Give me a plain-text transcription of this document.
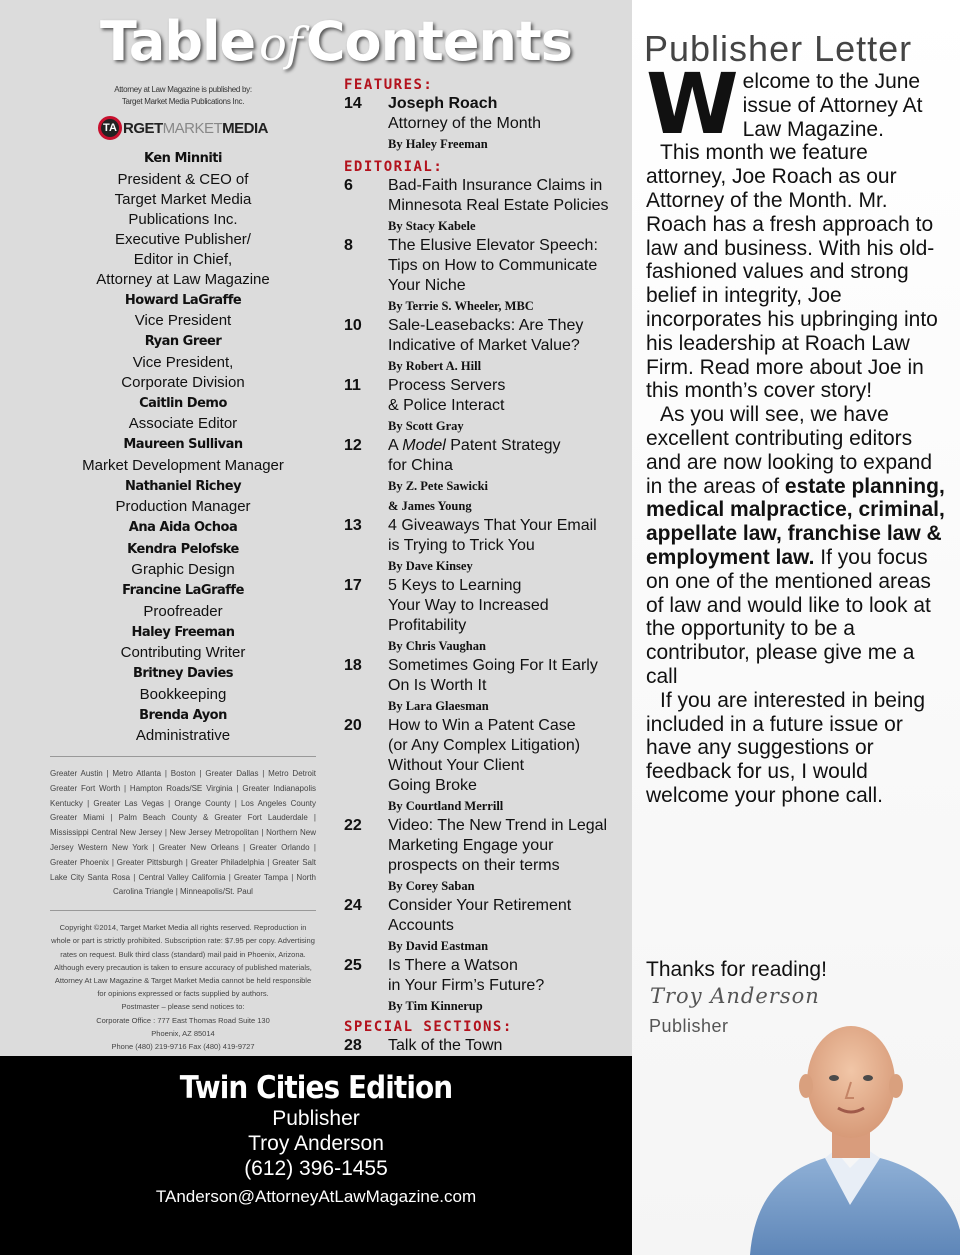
TableofContents
Attorney at Law Magazine is published by:
Target Market Media Publications Inc.
TA RGET MARKET MEDIA
Ken Minniti
President & CEO of
Target Market Media
Publications Inc.
Executive Publisher/
Editor in Chief,
Attorney at Law Magazine
Howard LaGraffe
Vice President
Ryan Greer
Vice President,
Corporate Division
Caitlin Demo
Associate Editor
Maureen Sullivan
Market Development Manager
Nathaniel Richey
Production Manager
Ana Aida Ochoa
Kendra Pelofske
Graphic Design
Francine LaGraffe
Proofreader
Haley Freeman
Contributing Writer
Britney Davies
Bookkeeping
Brenda Ayon
Administrative
Greater Austin | Metro Atlanta | Boston | Greater Dallas | Metro Detroit Greater Fort Worth | Hampton Roads/SE Virginia | Greater Indianapolis Kentucky | Greater Las Vegas | Orange County | Los Angeles County Greater Miami | Palm Beach County & Greater Fort Lauderdale | Mississippi Central New Jersey | New Jersey Metropolitan | Northern New Jersey Western New York | Greater New Orleans | Greater Orlando | Greater Phoenix | Greater Pittsburgh | Greater Philadelphia | Greater Salt Lake City Santa Rosa | Central Valley California | Greater Tampa | North Carolina Triangle | Minneapolis/St. Paul
Copyright ©2014, Target Market Media all rights reserved. Reproduction in whole or part is strictly prohibited. Subscription rate: $7.95 per copy. Advertising rates on request. Bulk third class (standard) mail paid in Phoenix, Arizona. Although every precaution is taken to ensure accuracy of published materials, Attorney At Law Magazine & Target Market Media cannot be held responsible for opinions expressed or facts supplied by authors.
Postmaster – please send notices to:
Corporate Office : 777 East Thomas Road Suite 130
Phoenix, AZ 85014
Phone (480) 219-9716 Fax (480) 419-9727
FEATURES:
14	Joseph Roach
Attorney of the Month
By Haley Freeman
EDITORIAL:
6	Bad-Faith Insurance Claims in
Minnesota Real Estate Policies
By Stacy Kabele
8	The Elusive Elevator Speech:
Tips on How to Communicate
Your Niche
By Terrie S. Wheeler, MBC
10	Sale-Leasebacks: Are They
Indicative of Market Value?
By Robert A. Hill
11	Process Servers
& Police Interact
By Scott Gray
12	A Model Patent Strategy
for China
By Z. Pete Sawicki
& James Young
13	4 Giveaways That Your Email
is Trying to Trick You
By Dave Kinsey
17	5 Keys to Learning
Your Way to Increased
Profitability
By Chris Vaughan
18	Sometimes Going For It Early
On Is Worth It
By Lara Glaesman
20	How to Win a Patent Case
(or Any Complex Litigation)
Without Your Client
Going Broke
By Courtland Merrill
22	Video: The New Trend in Legal
Marketing Engage your
prospects on their terms
By Corey Saban
24	Consider Your Retirement
Accounts
By David Eastman
25	Is There a Watson
in Your Firm’s Future?
By Tim Kinnerup
SPECIAL SECTIONS:
28	Talk of the Town
Twin Cities Edition
Publisher
Troy Anderson
(612) 396-1455
TAnderson@AttorneyAtLawMagazine.com
Publisher Letter
W elcome to the June issue of Attorney At Law Magazine.

This month we feature attorney, Joe Roach as our Attorney of the Month. Mr. Roach has a fresh approach to law and business. With his old-fashioned values and strong belief in integrity, Joe incorporates his upbringing into his leadership at Roach Law Firm. Read more about Joe in this month’s cover story!

As you will see, we have excellent contributing editors and are now looking to expand in the areas of estate planning, medical malpractice, criminal, appellate law, franchise law & employment law. If you focus on one of the mentioned areas of law and would like to look at the opportunity to be a contributor, please give me a call

If you are interested in being included in a future issue or have any suggestions or feedback for us, I would welcome your phone call.

Thanks for reading!
Troy Anderson
Publisher
